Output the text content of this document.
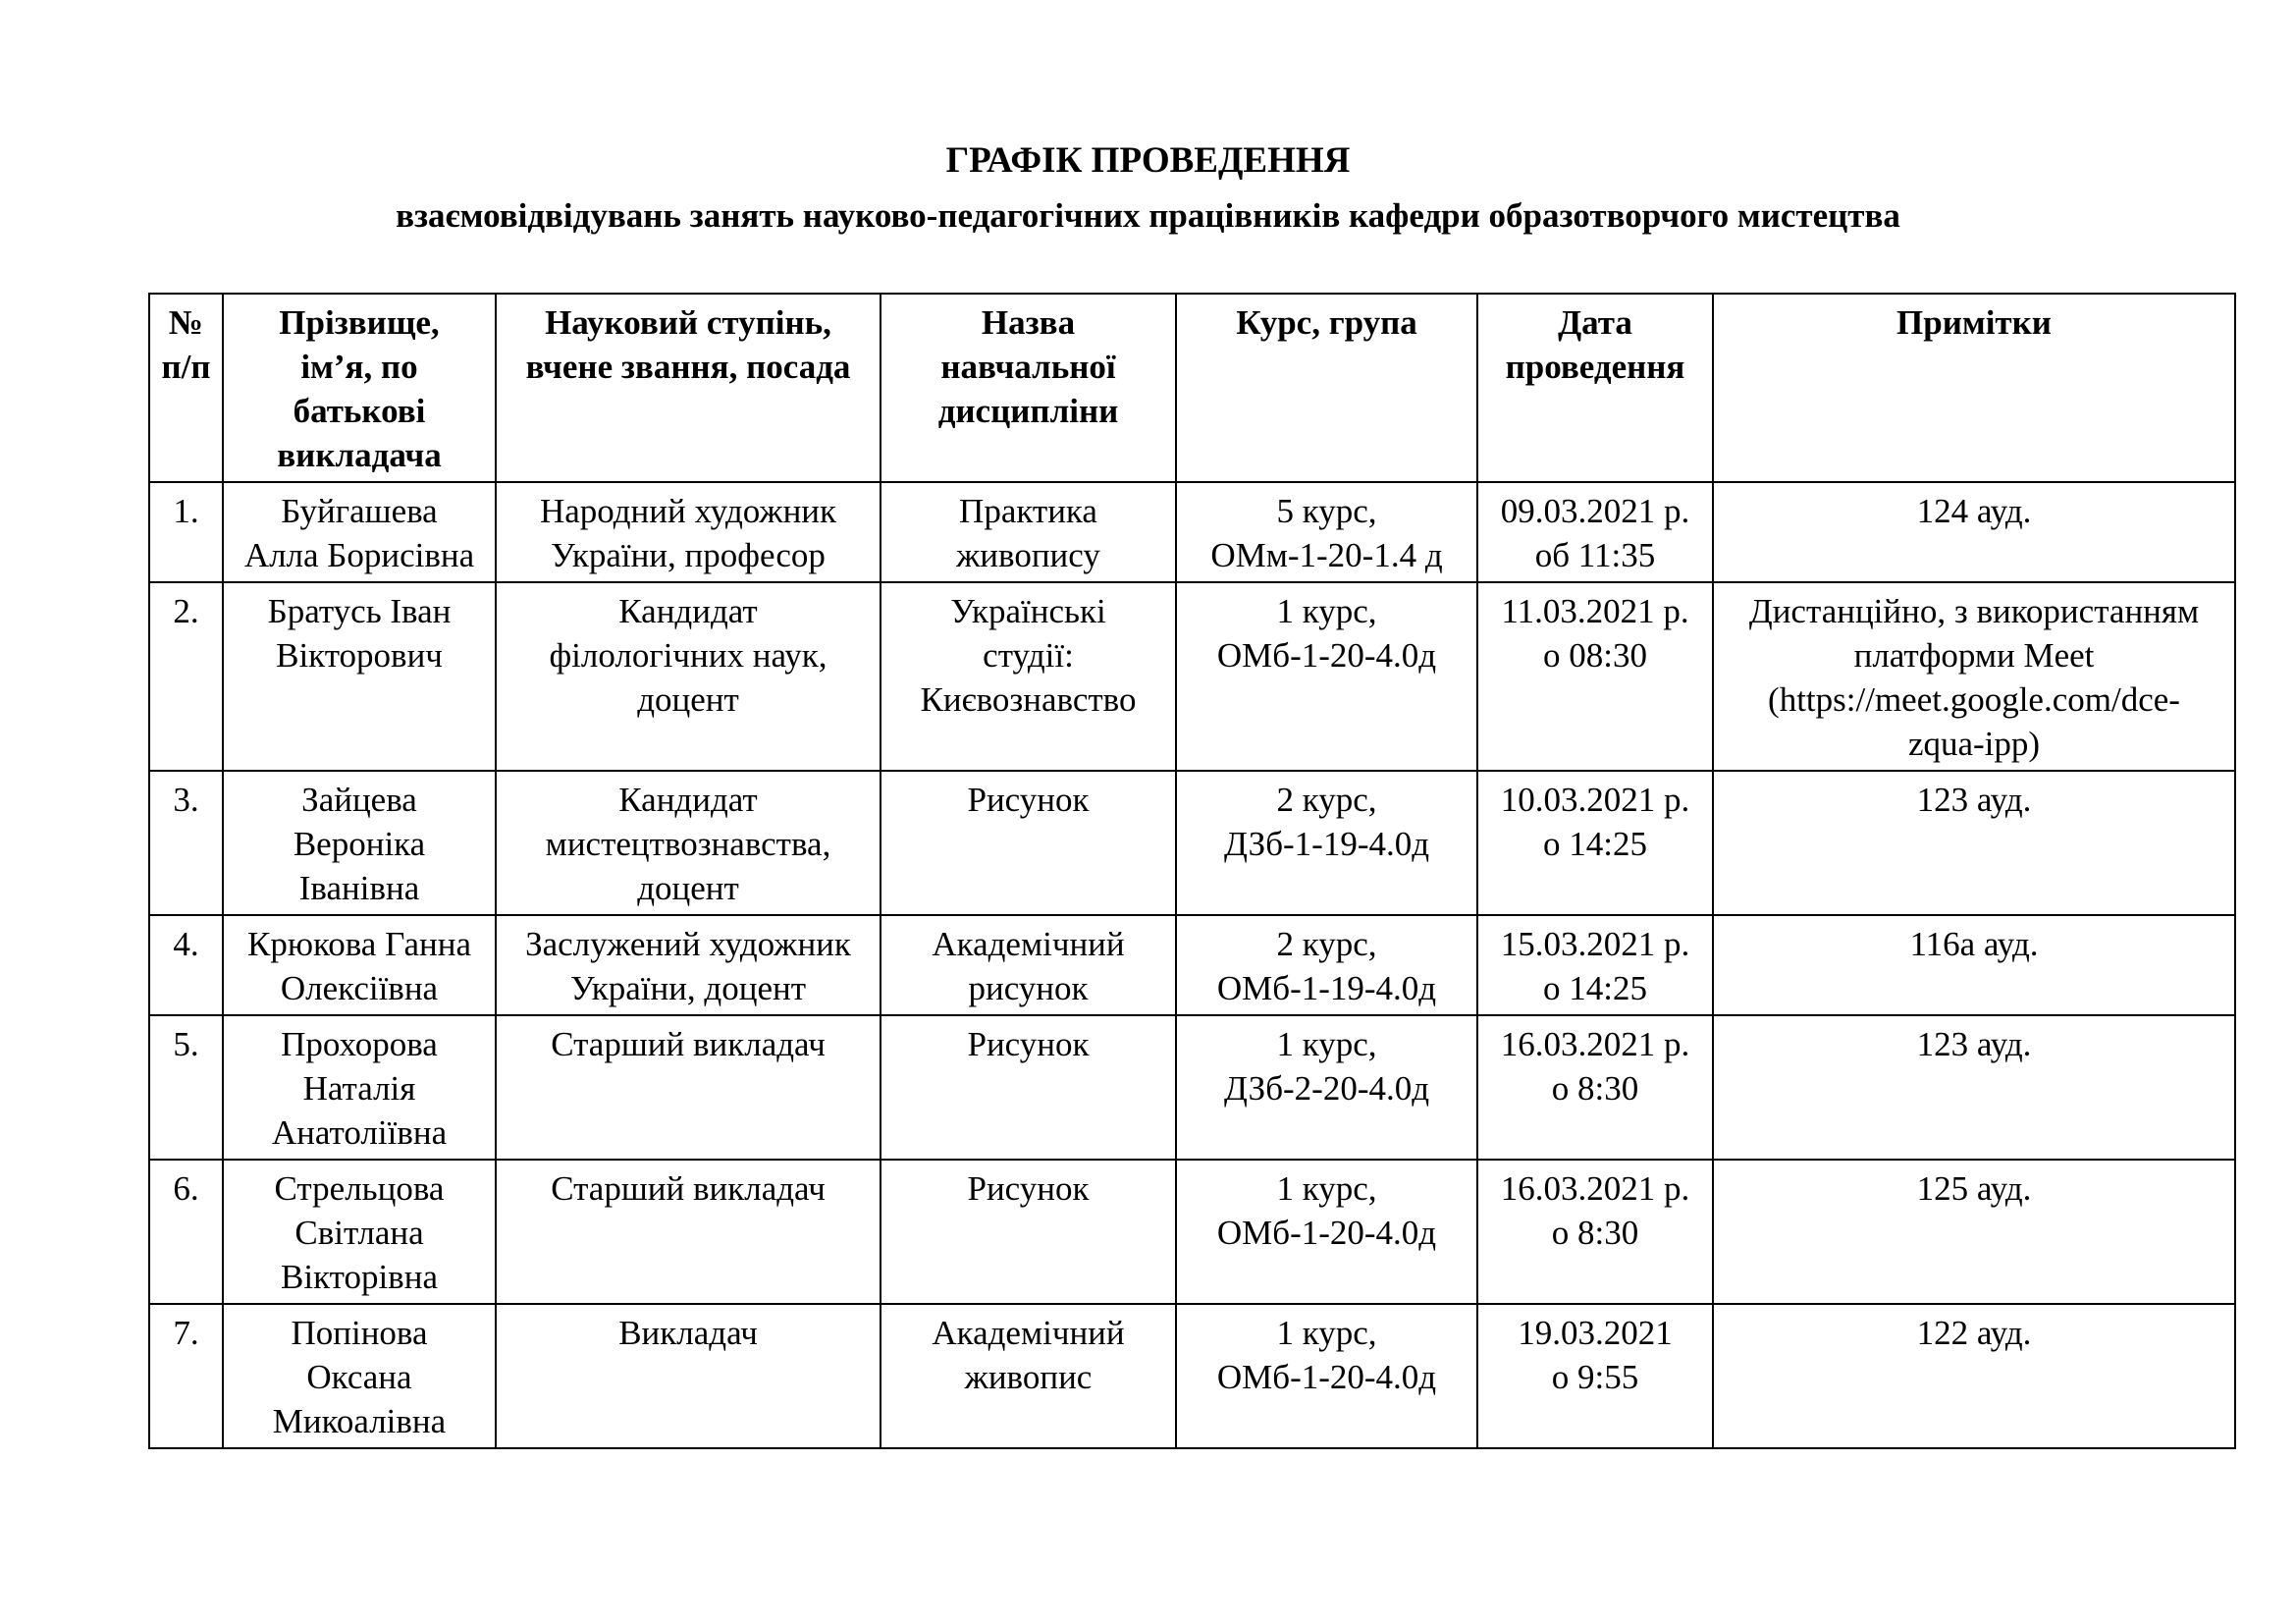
ГРАФІК ПРОВЕДЕННЯ
взаємовідвідувань занять науково-педагогічних працівників кафедри образотворчого мистецтва
№
п/п	Прізвище,
ім’я, по
батькові
викладача	Науковий ступінь,
вчене звання, посада	Назва
навчальної
дисципліни	Курс, група	Дата
проведення	Примітки
1.	Буйгашева
Алла Борисівна	Народний художник
України, професор	Практика
живопису	5 курс,
ОМм-1-20-1.4 д	09.03.2021 р.
об 11:35	124 ауд.
2.	Братусь Іван
Вікторович	Кандидат
філологічних наук,
доцент	Українські
студії:
Києвознавство	1 курс,
ОМб-1-20-4.0д	11.03.2021 р.
о 08:30	Дистанційно, з використанням
платформи Meet
(https://meet.google.com/dce-
zqua-ipp)
3.	Зайцева
Вероніка
Іванівна	Кандидат
мистецтвознавства,
доцент	Рисунок	2 курс,
ДЗб-1-19-4.0д	10.03.2021 р.
о 14:25	123 ауд.
4.	Крюкова Ганна
Олексіївна	Заслужений художник
України, доцент	Академічний
рисунок	2 курс,
ОМб-1-19-4.0д	15.03.2021 р.
о 14:25	116а ауд.
5.	Прохорова
Наталія
Анатоліївна	Старший викладач	Рисунок	1 курс,
ДЗб-2-20-4.0д	16.03.2021 р.
о 8:30	123 ауд.
6.	Стрельцова
Світлана
Вікторівна	Старший викладач	Рисунок	1 курс,
ОМб-1-20-4.0д	16.03.2021 р.
о 8:30	125 ауд.
7.	Попінова
Оксана
Микоалівна	Викладач	Академічний
живопис	1 курс,
ОМб-1-20-4.0д	19.03.2021
о 9:55	122 ауд.
